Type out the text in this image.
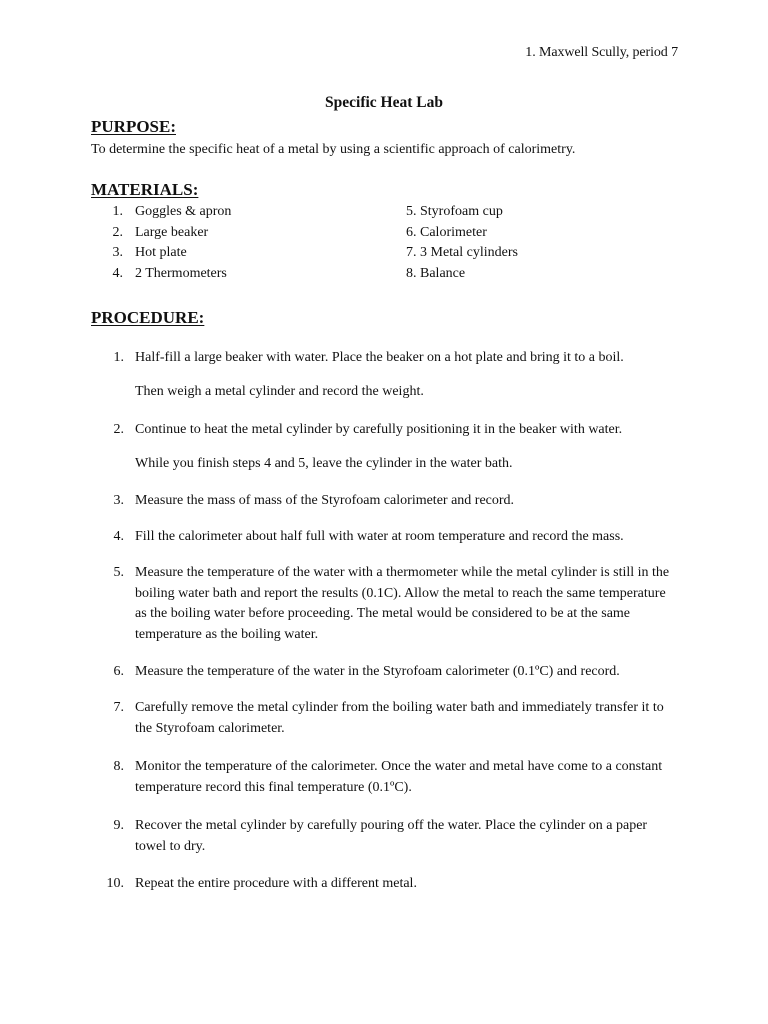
1. Maxwell Scully, period 7
Specific Heat Lab
PURPOSE:
To determine the specific heat of a metal by using a scientific approach of calorimetry.
MATERIALS:
1. Goggles & apron
2. Large beaker
3. Hot plate
4. 2 Thermometers
5. Styrofoam cup
6. Calorimeter
7. 3 Metal cylinders
8. Balance
PROCEDURE:
1. Half-fill a large beaker with water. Place the beaker on a hot plate and bring it to a boil.
Then weigh a metal cylinder and record the weight.
2. Continue to heat the metal cylinder by carefully positioning it in the beaker with water.
While you finish steps 4 and 5, leave the cylinder in the water bath.
3. Measure the mass of mass of the Styrofoam calorimeter and record.
4. Fill the calorimeter about half full with water at room temperature and record the mass.
5. Measure the temperature of the water with a thermometer while the metal cylinder is still in the boiling water bath and report the results (0.1C). Allow the metal to reach the same temperature as the boiling water before proceeding. The metal would be considered to be at the same temperature as the boiling water.
6. Measure the temperature of the water in the Styrofoam calorimeter (0.1ºC) and record.
7. Carefully remove the metal cylinder from the boiling water bath and immediately transfer it to the Styrofoam calorimeter.
8. Monitor the temperature of the calorimeter. Once the water and metal have come to a constant temperature record this final temperature (0.1ºC).
9. Recover the metal cylinder by carefully pouring off the water. Place the cylinder on a paper towel to dry.
10. Repeat the entire procedure with a different metal.
